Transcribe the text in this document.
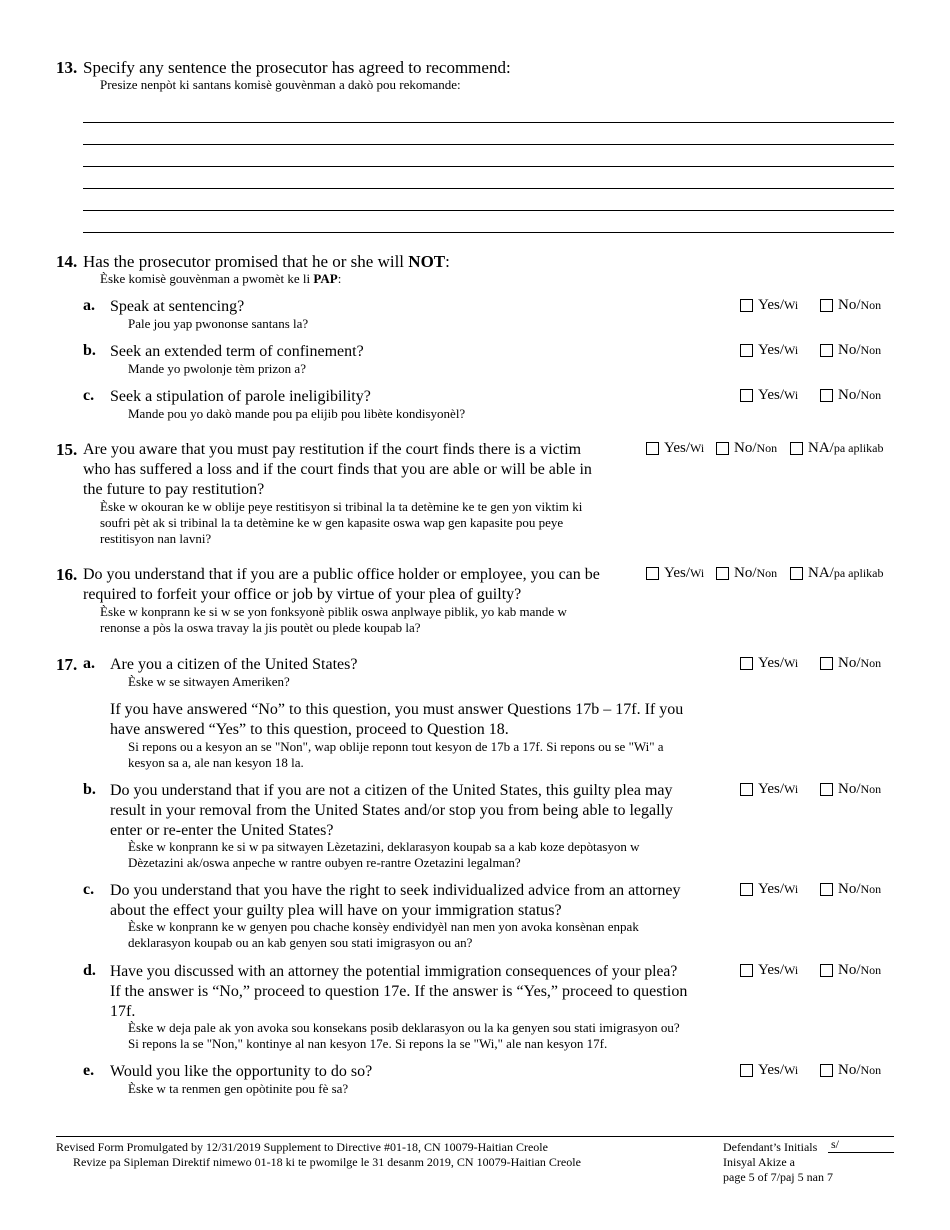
13. Specify any sentence the prosecutor has agreed to recommend:
Presize nenpòt ki santans komisè gouvènman a dakò pou rekomande:
14. Has the prosecutor promised that he or she will NOT:
Èske komisè gouvènman a pwomèt ke li PAP:
a. Speak at sentencing?
Pale jou yap pwononse santans la?
Yes/ Wi	No/ Non
b. Seek an extended term of confinement?
Mande yo pwolonje tèm prizon a?
Yes/ Wi	No/ Non
c. Seek a stipulation of parole ineligibility?
Mande pou yo dakò mande pou pa elijib pou libète kondisyonèl?
Yes/ Wi	No/ Non
15. Are you aware that you must pay restitution if the court finds there is a victim
who has suffered a loss and if the court finds that you are able or will be able in
the future to pay restitution?
Èske w okouran ke w oblije peye restitisyon si tribinal la ta detèmine ke te gen yon viktim ki
soufri pèt ak si tribinal la ta detèmine ke w gen kapasite oswa wap gen kapasite pou peye
restitisyon nan lavni?
Yes/ Wi No/ Non NA/ pa aplikab
16. Do you understand that if you are a public office holder or employee, you can be
required to forfeit your office or job by virtue of your plea of guilty?
Èske w konprann ke si w se yon fonksyonè piblik oswa anplwaye piblik, yo kab mande w
renonse a pòs la oswa travay la jis poutèt ou plede koupab la?
Yes/ Wi No/ Non NA/ pa aplikab
17. a. Are you a citizen of the United States?
Èske w se sitwayen Ameriken?
Yes/ Wi	No/ Non
If you have answered “No” to this question, you must answer Questions 17b – 17f. If you
have answered “Yes” to this question, proceed to Question 18.
Si repons ou a kesyon an se "Non", wap oblije reponn tout kesyon de 17b a 17f. Si repons ou se "Wi" a
kesyon sa a, ale nan kesyon 18 la.
b. Do you understand that if you are not a citizen of the United States, this guilty plea may
result in your removal from the United States and/or stop you from being able to legally
enter or re-enter the United States?
Èske w konprann ke si w pa sitwayen Lèzetazini, deklarasyon koupab sa a kab koze depòtasyon w
Dèzetazini ak/oswa anpeche w rantre oubyen re-rantre Ozetazini legalman?
Yes/ Wi	No/ Non
c. Do you understand that you have the right to seek individualized advice from an attorney
about the effect your guilty plea will have on your immigration status?
Èske w konprann ke w genyen pou chache konsèy endividyèl nan men yon avoka konsènan enpak
deklarasyon koupab ou an kab genyen sou stati imigrasyon ou an?
Yes/ Wi	No/ Non
d. Have you discussed with an attorney the potential immigration consequences of your plea?
If the answer is “No,” proceed to question 17e. If the answer is “Yes,” proceed to question
17f.
Èske w deja pale ak yon avoka sou konsekans posib deklarasyon ou la ka genyen sou stati imigrasyon ou?
Si repons la se "Non," kontinye al nan kesyon 17e. Si repons la se "Wi," ale nan kesyon 17f.
Yes/ Wi	No/ Non
e. Would you like the opportunity to do so?
Èske w ta renmen gen opòtinite pou fè sa?
Yes/ Wi	No/ Non
Revised Form Promulgated by 12/31/2019 Supplement to Directive #01-18, CN 10079-Haitian Creole
Revize pa Sipleman Direktif nimewo 01-18 ki te pwomilge le 31 desanm 2019, CN 10079-Haitian Creole
Defendant’s Initials s/
Inisyal Akize a
page 5 of 7/paj 5 nan 7
